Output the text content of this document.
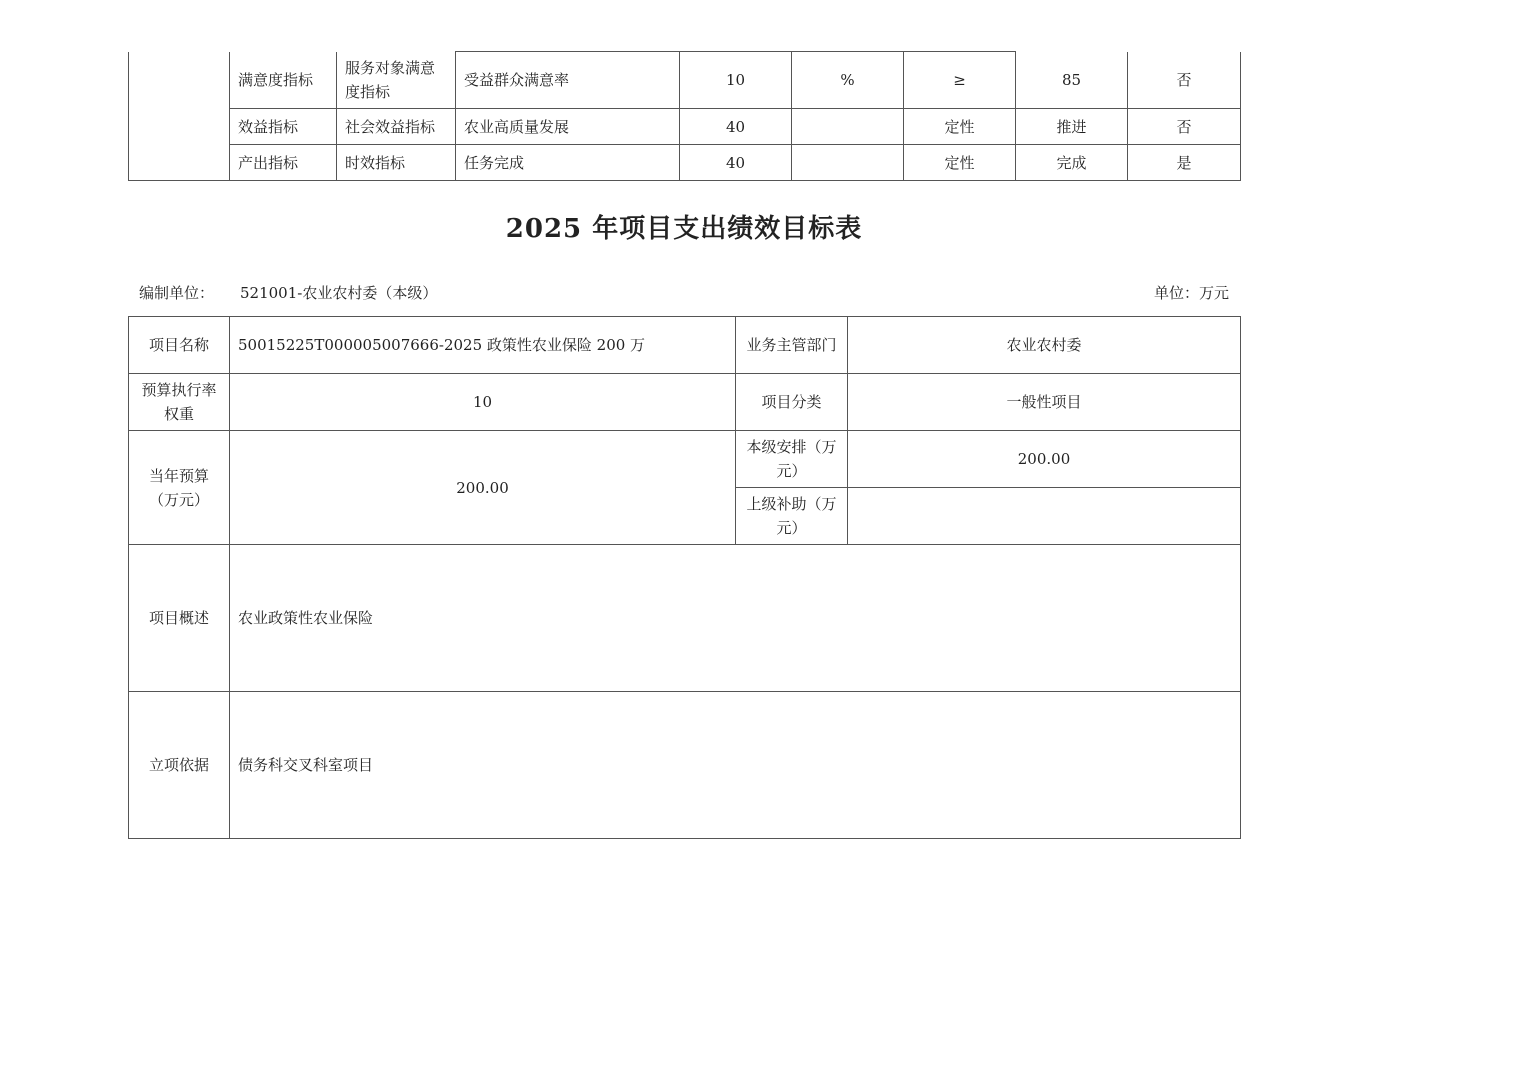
	满意度指标	服务对象满意度指标	受益群众满意率	10	%	≥	85	否
	效益指标	社会效益指标	农业高质量发展	40		定性	推进	否
	产出指标	时效指标	任务完成	40		定性	完成	是
2025 年项目支出绩效目标表
编制单位： 521001-农业农村委（本级）	单位：万元
项目名称	50015225T000005007666-2025 政策性农业保险 200 万	业务主管部门	农业农村委
预算执行率权重	10	项目分类	一般性项目
当年预算（万元）	200.00	本级安排（万元）	200.00
		上级补助（万元）	
项目概述	农业政策性农业保险		
立项依据	债务科交叉科室项目		
